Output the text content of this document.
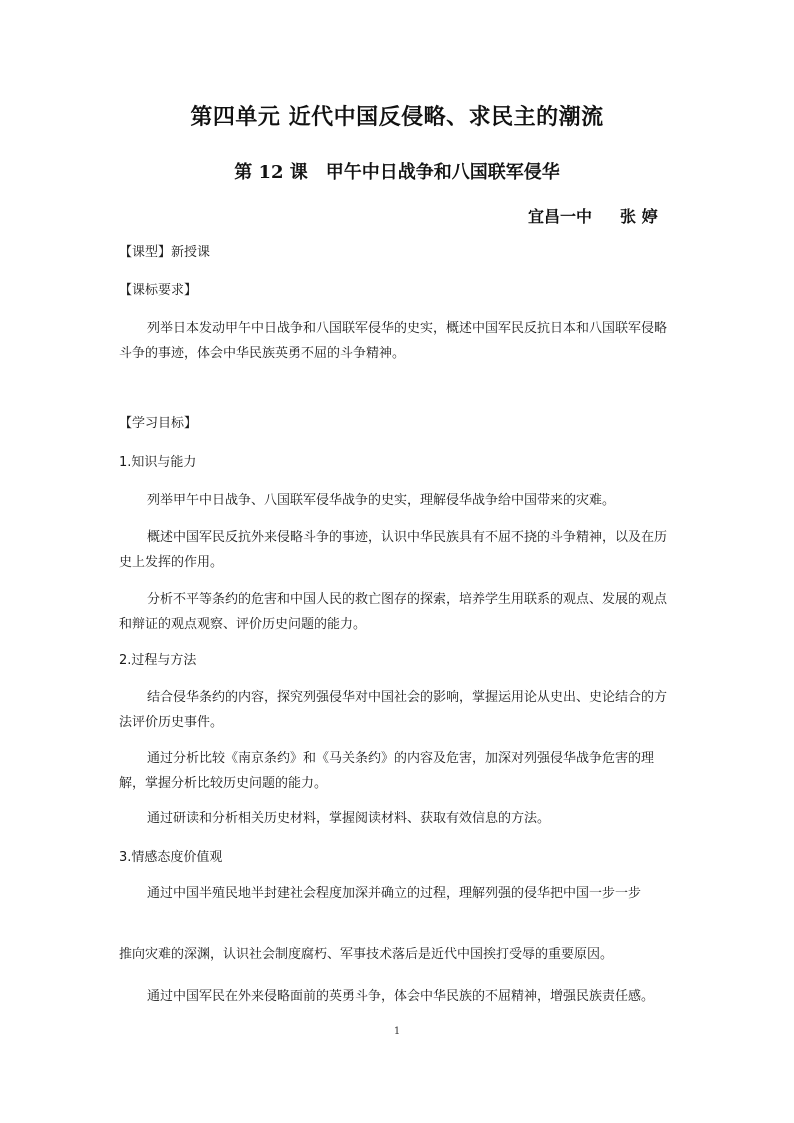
第四单元 近代中国反侵略、求民主的潮流
第 12 课　甲午中日战争和八国联军侵华
宜昌一中 张 婷
【课型】新授课
【课标要求】
列举日本发动甲午中日战争和八国联军侵华的史实，概述中国军民反抗日本和八国联军侵略斗争的事迹，体会中华民族英勇不屈的斗争精神。
【学习目标】
1.知识与能力
列举甲午中日战争、八国联军侵华战争的史实，理解侵华战争给中国带来的灾难。
概述中国军民反抗外来侵略斗争的事迹，认识中华民族具有不屈不挠的斗争精神，以及在历史上发挥的作用。
分析不平等条约的危害和中国人民的救亡图存的探索，培养学生用联系的观点、发展的观点和辩证的观点观察、评价历史问题的能力。
2.过程与方法
结合侵华条约的内容，探究列强侵华对中国社会的影响，掌握运用论从史出、史论结合的方法评价历史事件。
通过分析比较《南京条约》和《马关条约》的内容及危害，加深对列强侵华战争危害的理解，掌握分析比较历史问题的能力。
通过研读和分析相关历史材料，掌握阅读材料、获取有效信息的方法。
3.情感态度价值观
通过中国半殖民地半封建社会程度加深并确立的过程，理解列强的侵华把中国一步一步
推向灾难的深渊，认识社会制度腐朽、军事技术落后是近代中国挨打受辱的重要原因。
通过中国军民在外来侵略面前的英勇斗争，体会中华民族的不屈精神，增强民族责任感。
1
